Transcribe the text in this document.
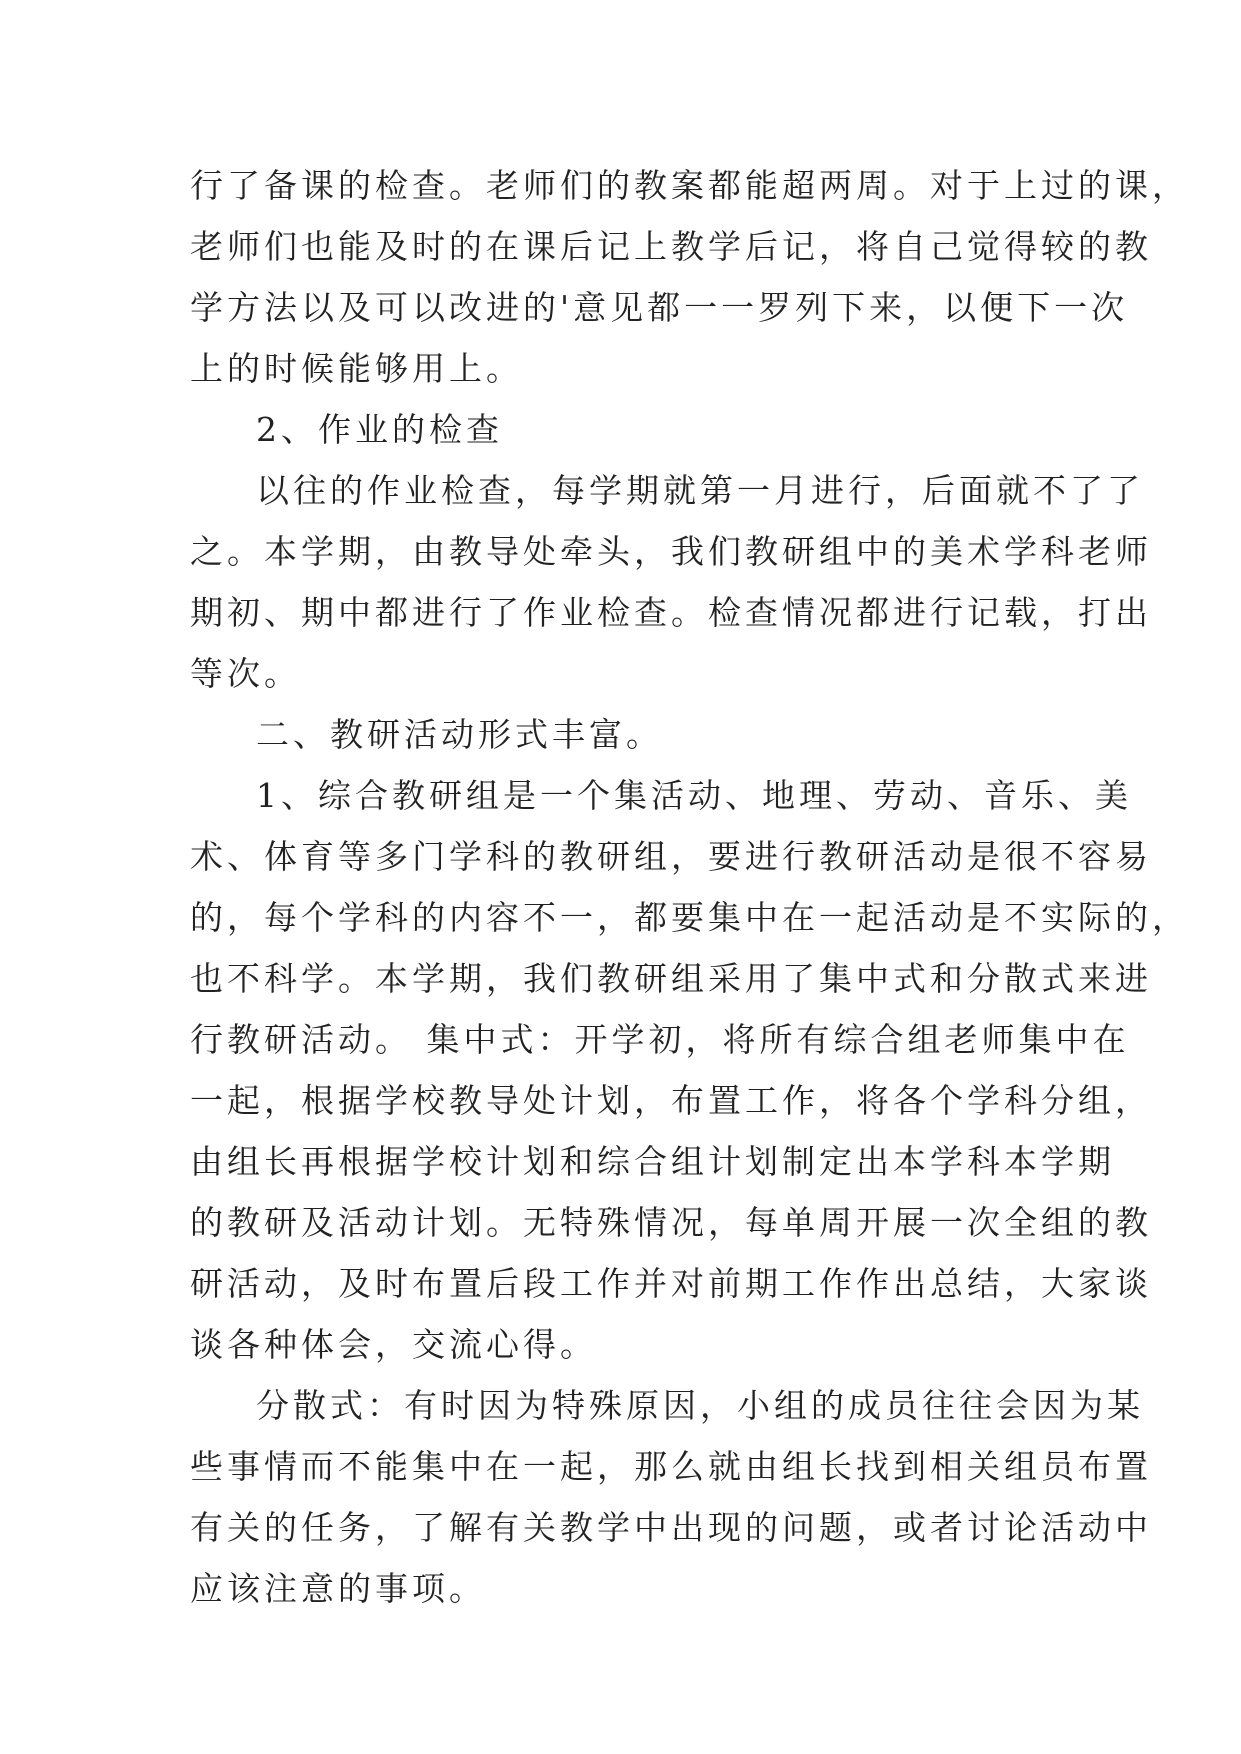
行了备课的检查。老师们的教案都能超两周。对于上过的课，
老师们也能及时的在课后记上教学后记，将自己觉得较的教
学方法以及可以改进的'意见都一一罗列下来，以便下一次
上的时候能够用上。
2、作业的检查
以往的作业检查，每学期就第一月进行，后面就不了了
之。本学期，由教导处牵头，我们教研组中的美术学科老师
期初、期中都进行了作业检查。检查情况都进行记载，打出
等次。
二、教研活动形式丰富。
1、综合教研组是一个集活动、地理、劳动、音乐、美
术、体育等多门学科的教研组，要进行教研活动是很不容易
的，每个学科的内容不一，都要集中在一起活动是不实际的，
也不科学。本学期，我们教研组采用了集中式和分散式来进
行教研活动。 集中式：开学初，将所有综合组老师集中在
一起，根据学校教导处计划，布置工作，将各个学科分组，
由组长再根据学校计划和综合组计划制定出本学科本学期
的教研及活动计划。无特殊情况，每单周开展一次全组的教
研活动，及时布置后段工作并对前期工作作出总结，大家谈
谈各种体会，交流心得。
分散式：有时因为特殊原因，小组的成员往往会因为某
些事情而不能集中在一起，那么就由组长找到相关组员布置
有关的任务，了解有关教学中出现的问题，或者讨论活动中
应该注意的事项。
